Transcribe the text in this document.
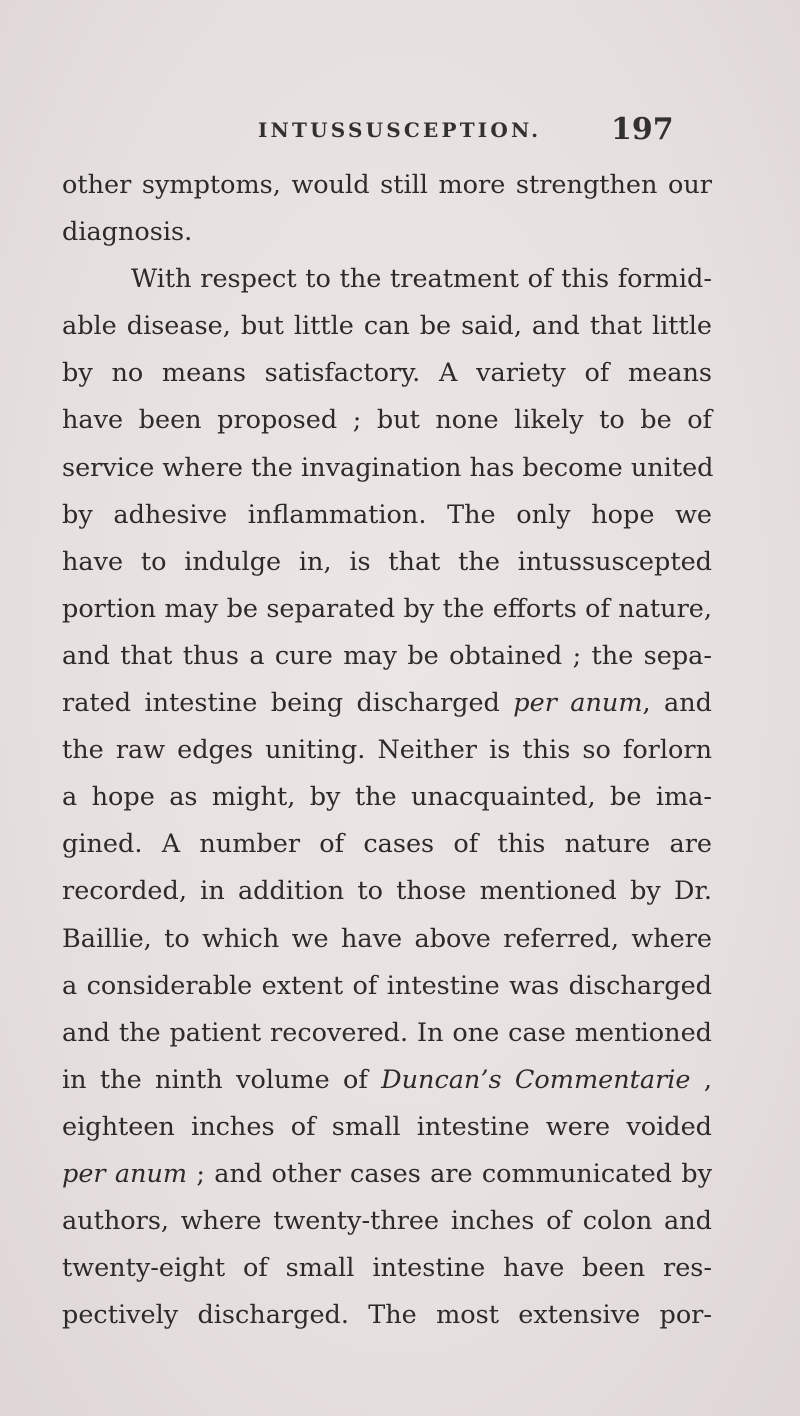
INTUSSUSCEPTION. 197
other symptoms, would still more strengthen our
diagnosis.
With respect to the treatment of this formid-
able disease, but little can be said, and that little
by no means satisfactory. A variety of means
have been proposed ; but none likely to be of
service where the invagination has become united
by adhesive inflammation. The only hope we
have to indulge in, is that the intussuscepted
portion may be separated by the efforts of nature,
and that thus a cure may be obtained ; the sepa-
rated intestine being discharged per anum, and
the raw edges uniting. Neither is this so forlorn
a hope as might, by the unacquainted, be ima-
gined. A number of cases of this nature are
recorded, in addition to those mentioned by Dr.
Baillie, to which we have above referred, where
a considerable extent of intestine was discharged
and the patient recovered. In one case mentioned
in the ninth volume of Duncan’s Commentarie ,
eighteen inches of small intestine were voided
per anum ; and other cases are communicated by
authors, where twenty-three inches of colon and
twenty-eight of small intestine have been res-
pectively discharged. The most extensive por-
